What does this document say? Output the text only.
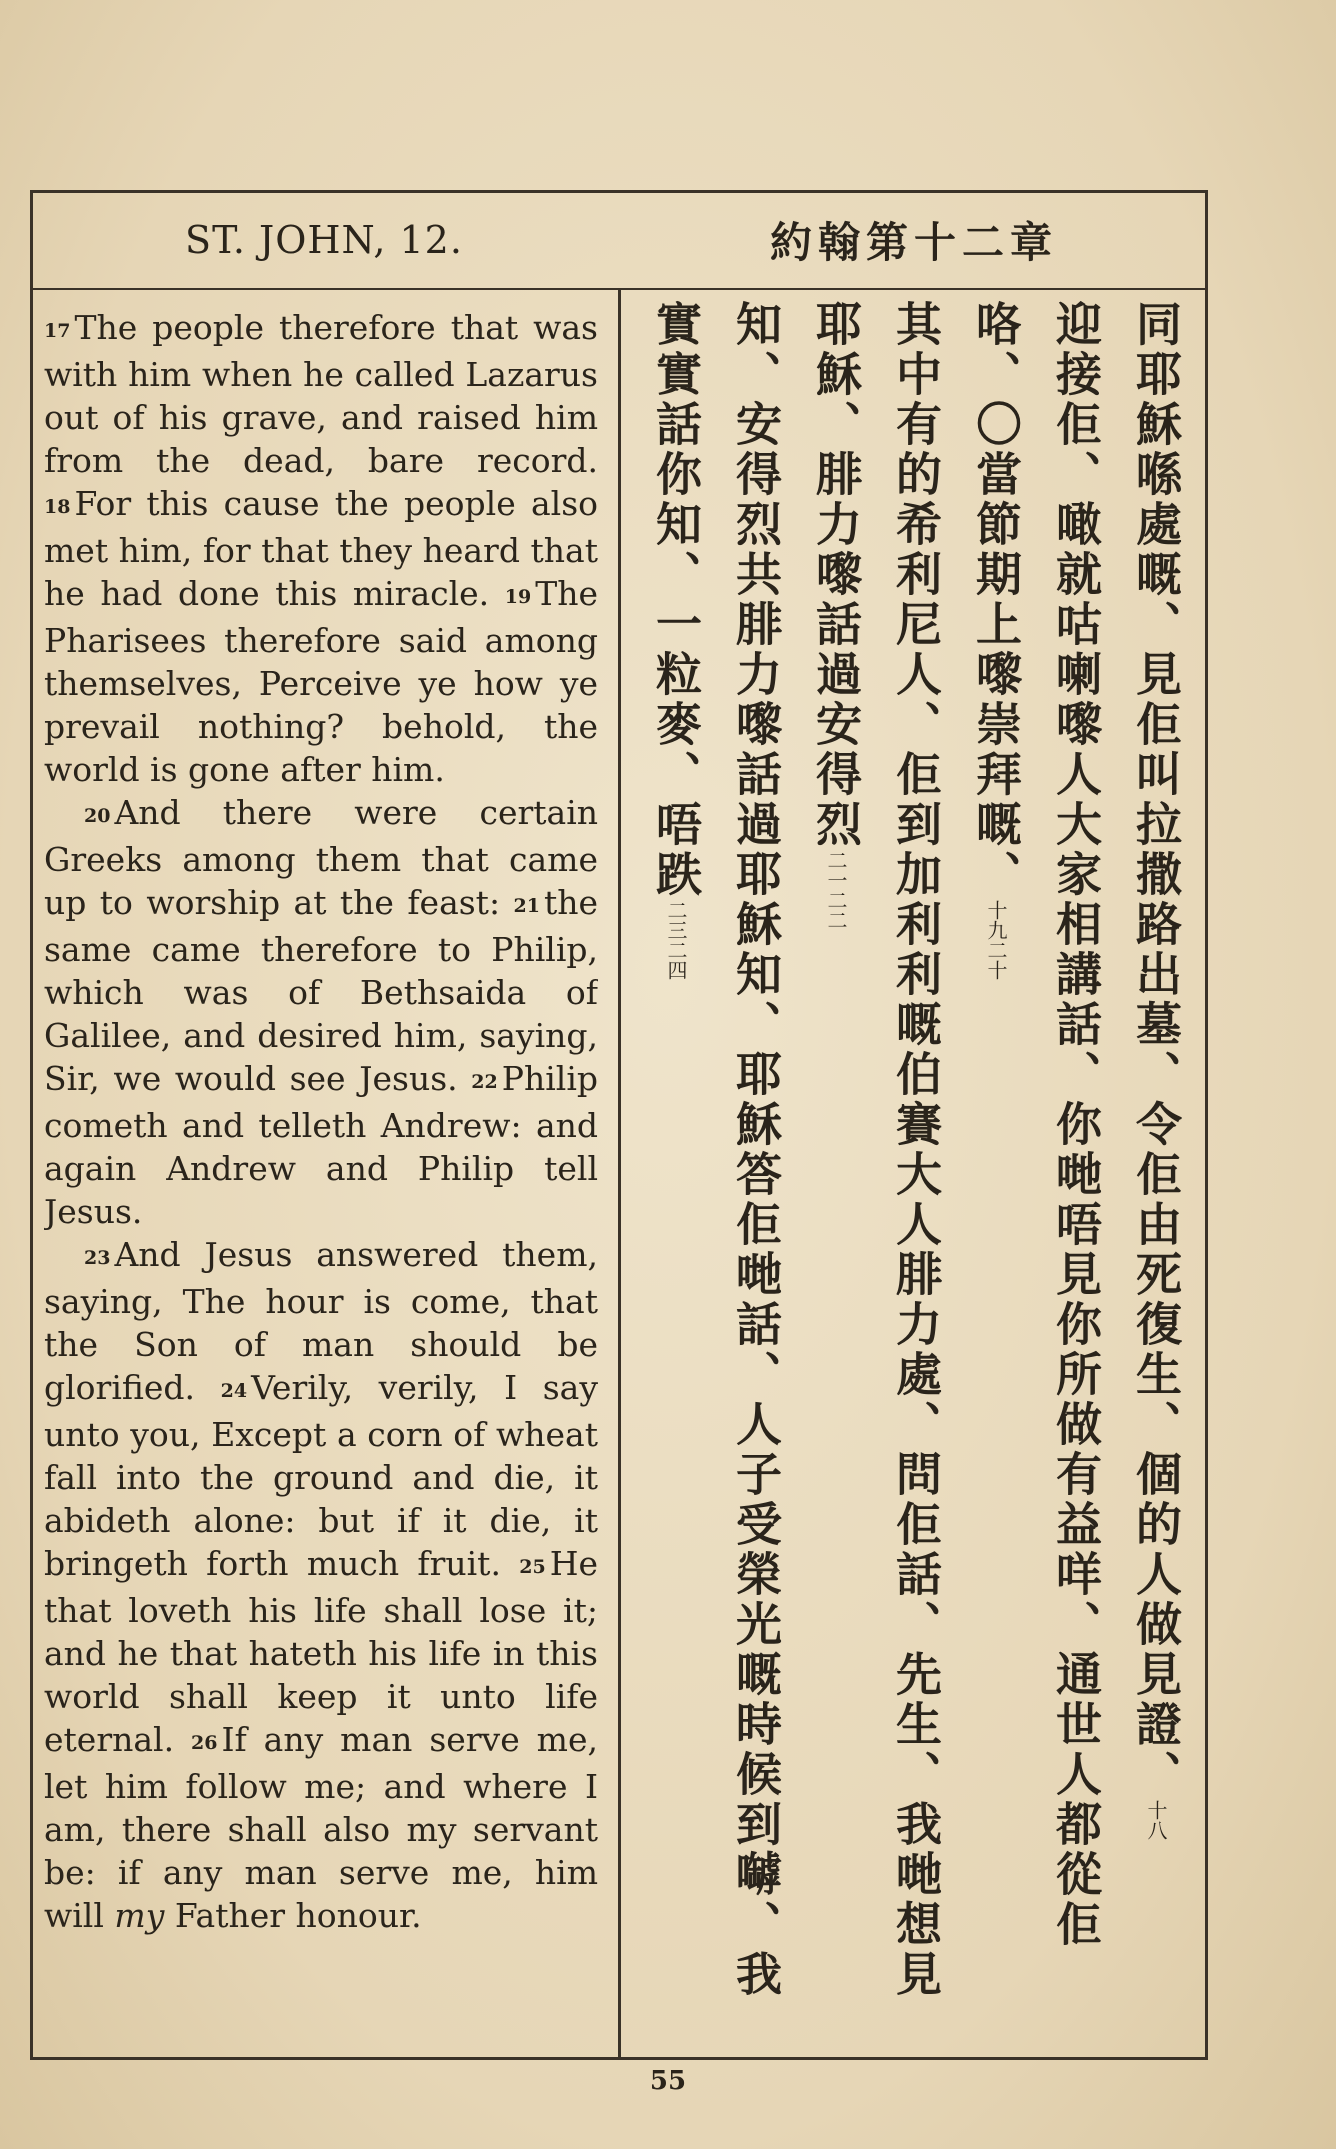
ST. JOHN, 12.	約翰第十二章

17 The people therefore that was with him when he called Lazarus out of his grave, and raised him from the dead, bare record. 18 For this cause the people also met him, for that they heard that he had done this miracle. 19 The Pharisees therefore said among themselves, Perceive ye how ye prevail nothing? behold, the world is gone after him.

20 And there were certain Greeks among them that came up to worship at the feast: 21 the same came therefore to Philip, which was of Bethsaida of Galilee, and desired him, saying, Sir, we would see Jesus. 22 Philip cometh and telleth Andrew: and again Andrew and Philip tell Jesus.

23 And Jesus answered them, saying, The hour is come, that the Son of man should be glorified. 24 Verily, verily, I say unto you, Except a corn of wheat fall into the ground and die, it abideth alone: but if it die, it bringeth forth much fruit. 25 He that loveth his life shall lose it; and he that hateth his life in this world shall keep it unto life eternal. 26 If any man serve me, let him follow me; and where I am, there shall also my servant be: if any man serve me, him will my Father honour.

同耶穌喺處嘅、見佢叫拉撒路出墓、令佢由死復生、個的人做見證、十八
迎接佢、噉就咕喇嚟人大家相講話、你哋唔見你所做有益咩、通世人都從佢咯、〇當節期上嚟崇拜嘅、十九二十
其中有的希利尼人、佢到加利利嘅伯賽大人腓力處、問佢話、先生、我哋想見耶穌、腓力嚟話過安得烈二一二二
知、安得烈共腓力嚟話過耶穌知、耶穌答佢哋話、人子受榮光嘅時候到嚹、我實實話你知、一粒麥、唔跌二三二四
55
